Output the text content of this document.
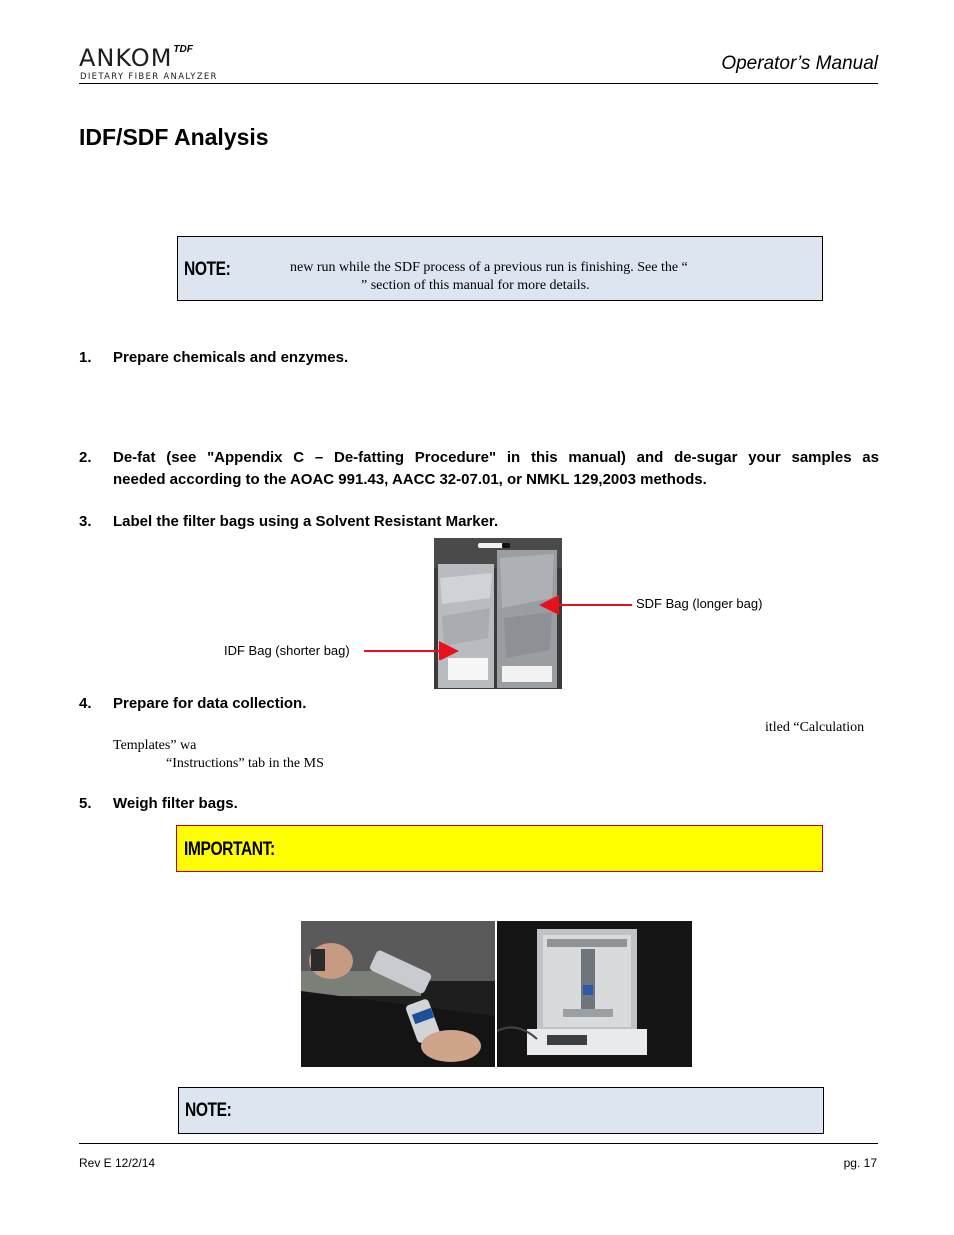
$ANKOM^{TDF}$
DIETARY FIBER ANALYZER
Operator’s Manual
IDF/SDF Analysis
NOTE:	new run while the SDF process of a previous run is finishing. See the “
” section of this manual for more details.
1. Prepare chemicals and enzymes.
2. De-fat (see "Appendix C – De-fatting Procedure" in this manual) and de-sugar your samples as
needed according to the AOAC 991.43, AACC 32-07.01, or NMKL 129,2003 methods.
3. Label the filter bags using a Solvent Resistant Marker.
SDF Bag (longer bag)
IDF Bag (shorter bag)
4. Prepare for data collection.
itled “Calculation
Templates” wa
“Instructions” tab in the MS
5. Weigh filter bags.
IMPORTANT:
NOTE:
Rev E 12/2/14	pg. 17
